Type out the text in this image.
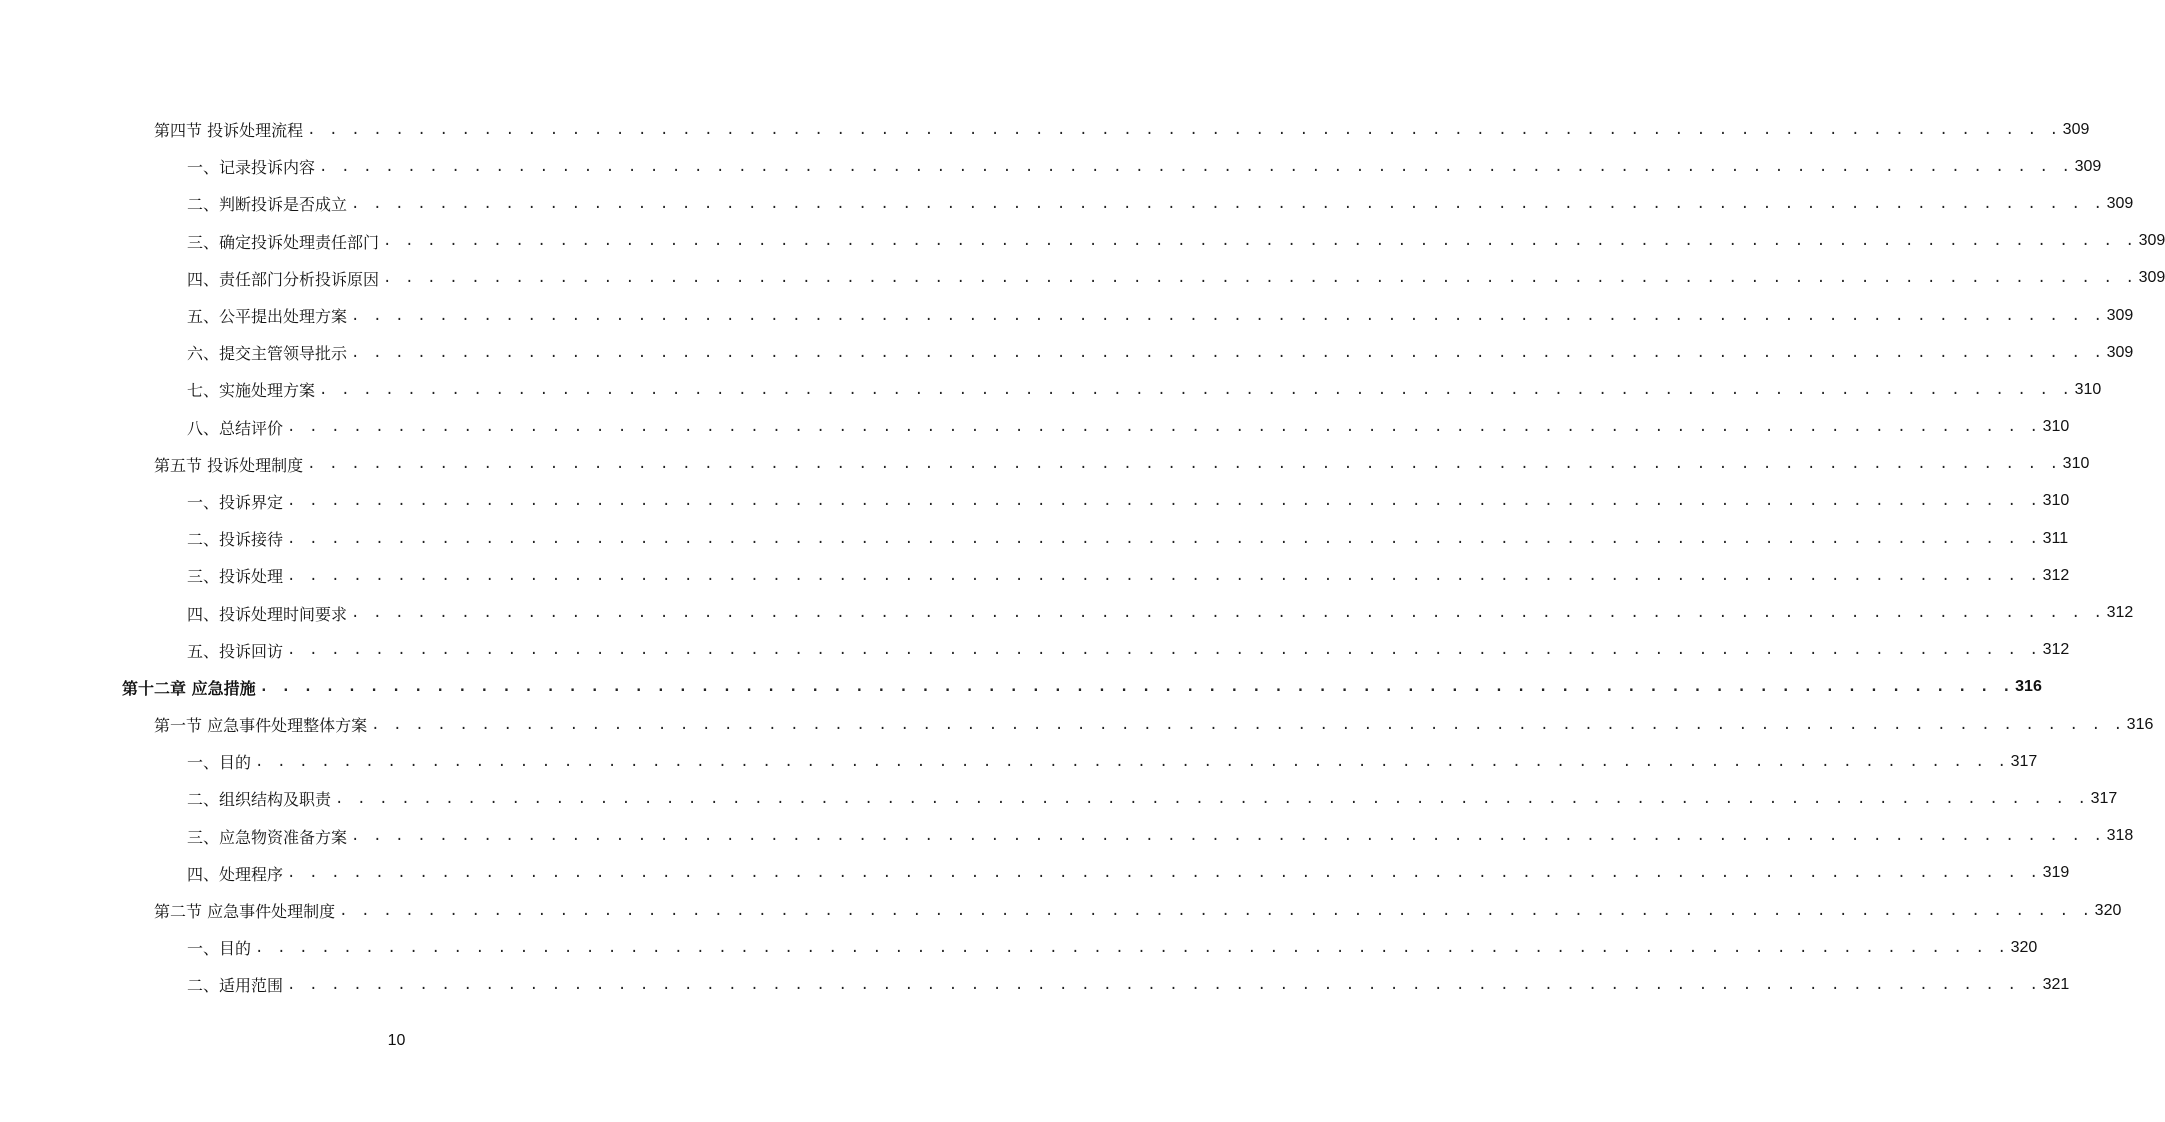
第四节 投诉处理流程 . . . . . . . . . . . . . . . . . . . . . . . . . . . . . . . . . . . . . . . . . . . . . . . . . . . . . . . . . . . . . . . . . . . . . . . . . . . . . . . . 309
一、记录投诉内容 . . . . . . . . . . . . . . . . . . . . . . . . . . . . . . . . . . . . . . . . . . . . . . . . . . . . . . . . . . . . . . . . . . . . . . . . . . . . . . . . 309
二、判断投诉是否成立 . . . . . . . . . . . . . . . . . . . . . . . . . . . . . . . . . . . . . . . . . . . . . . . . . . . . . . . . . . . . . . . . . . . . . . . . . . . . . . . . 309
三、确定投诉处理责任部门 . . . . . . . . . . . . . . . . . . . . . . . . . . . . . . . . . . . . . . . . . . . . . . . . . . . . . . . . . . . . . . . . . . . . . . . . . . . . . . . . 309
四、责任部门分析投诉原因 . . . . . . . . . . . . . . . . . . . . . . . . . . . . . . . . . . . . . . . . . . . . . . . . . . . . . . . . . . . . . . . . . . . . . . . . . . . . . . . . 309
五、公平提出处理方案 . . . . . . . . . . . . . . . . . . . . . . . . . . . . . . . . . . . . . . . . . . . . . . . . . . . . . . . . . . . . . . . . . . . . . . . . . . . . . . . . 309
六、提交主管领导批示 . . . . . . . . . . . . . . . . . . . . . . . . . . . . . . . . . . . . . . . . . . . . . . . . . . . . . . . . . . . . . . . . . . . . . . . . . . . . . . . . 309
七、实施处理方案 . . . . . . . . . . . . . . . . . . . . . . . . . . . . . . . . . . . . . . . . . . . . . . . . . . . . . . . . . . . . . . . . . . . . . . . . . . . . . . . . 310
八、总结评价 . . . . . . . . . . . . . . . . . . . . . . . . . . . . . . . . . . . . . . . . . . . . . . . . . . . . . . . . . . . . . . . . . . . . . . . . . . . . . . . . 310
第五节 投诉处理制度 . . . . . . . . . . . . . . . . . . . . . . . . . . . . . . . . . . . . . . . . . . . . . . . . . . . . . . . . . . . . . . . . . . . . . . . . . . . . . . . . 310
一、投诉界定 . . . . . . . . . . . . . . . . . . . . . . . . . . . . . . . . . . . . . . . . . . . . . . . . . . . . . . . . . . . . . . . . . . . . . . . . . . . . . . . . 310
二、投诉接待 . . . . . . . . . . . . . . . . . . . . . . . . . . . . . . . . . . . . . . . . . . . . . . . . . . . . . . . . . . . . . . . . . . . . . . . . . . . . . . . . 311
三、投诉处理 . . . . . . . . . . . . . . . . . . . . . . . . . . . . . . . . . . . . . . . . . . . . . . . . . . . . . . . . . . . . . . . . . . . . . . . . . . . . . . . . 312
四、投诉处理时间要求 . . . . . . . . . . . . . . . . . . . . . . . . . . . . . . . . . . . . . . . . . . . . . . . . . . . . . . . . . . . . . . . . . . . . . . . . . . . . . . . . 312
五、投诉回访 . . . . . . . . . . . . . . . . . . . . . . . . . . . . . . . . . . . . . . . . . . . . . . . . . . . . . . . . . . . . . . . . . . . . . . . . . . . . . . . . 312
第十二章 应急措施 . . . . . . . . . . . . . . . . . . . . . . . . . . . . . . . . . . . . . . . . . . . . . . . . . . . . . . . . . . . . . . . . . . . . . . . . . . . . . . . . 316
第一节 应急事件处理整体方案 . . . . . . . . . . . . . . . . . . . . . . . . . . . . . . . . . . . . . . . . . . . . . . . . . . . . . . . . . . . . . . . . . . . . . . . . . . . . . . . . 316
一、目的 . . . . . . . . . . . . . . . . . . . . . . . . . . . . . . . . . . . . . . . . . . . . . . . . . . . . . . . . . . . . . . . . . . . . . . . . . . . . . . . . 317
二、组织结构及职责 . . . . . . . . . . . . . . . . . . . . . . . . . . . . . . . . . . . . . . . . . . . . . . . . . . . . . . . . . . . . . . . . . . . . . . . . . . . . . . . . 317
三、应急物资准备方案 . . . . . . . . . . . . . . . . . . . . . . . . . . . . . . . . . . . . . . . . . . . . . . . . . . . . . . . . . . . . . . . . . . . . . . . . . . . . . . . . 318
四、处理程序 . . . . . . . . . . . . . . . . . . . . . . . . . . . . . . . . . . . . . . . . . . . . . . . . . . . . . . . . . . . . . . . . . . . . . . . . . . . . . . . . 319
第二节 应急事件处理制度 . . . . . . . . . . . . . . . . . . . . . . . . . . . . . . . . . . . . . . . . . . . . . . . . . . . . . . . . . . . . . . . . . . . . . . . . . . . . . . . . 320
一、目的 . . . . . . . . . . . . . . . . . . . . . . . . . . . . . . . . . . . . . . . . . . . . . . . . . . . . . . . . . . . . . . . . . . . . . . . . . . . . . . . . 320
二、适用范围 . . . . . . . . . . . . . . . . . . . . . . . . . . . . . . . . . . . . . . . . . . . . . . . . . . . . . . . . . . . . . . . . . . . . . . . . . . . . . . . . 321
10
